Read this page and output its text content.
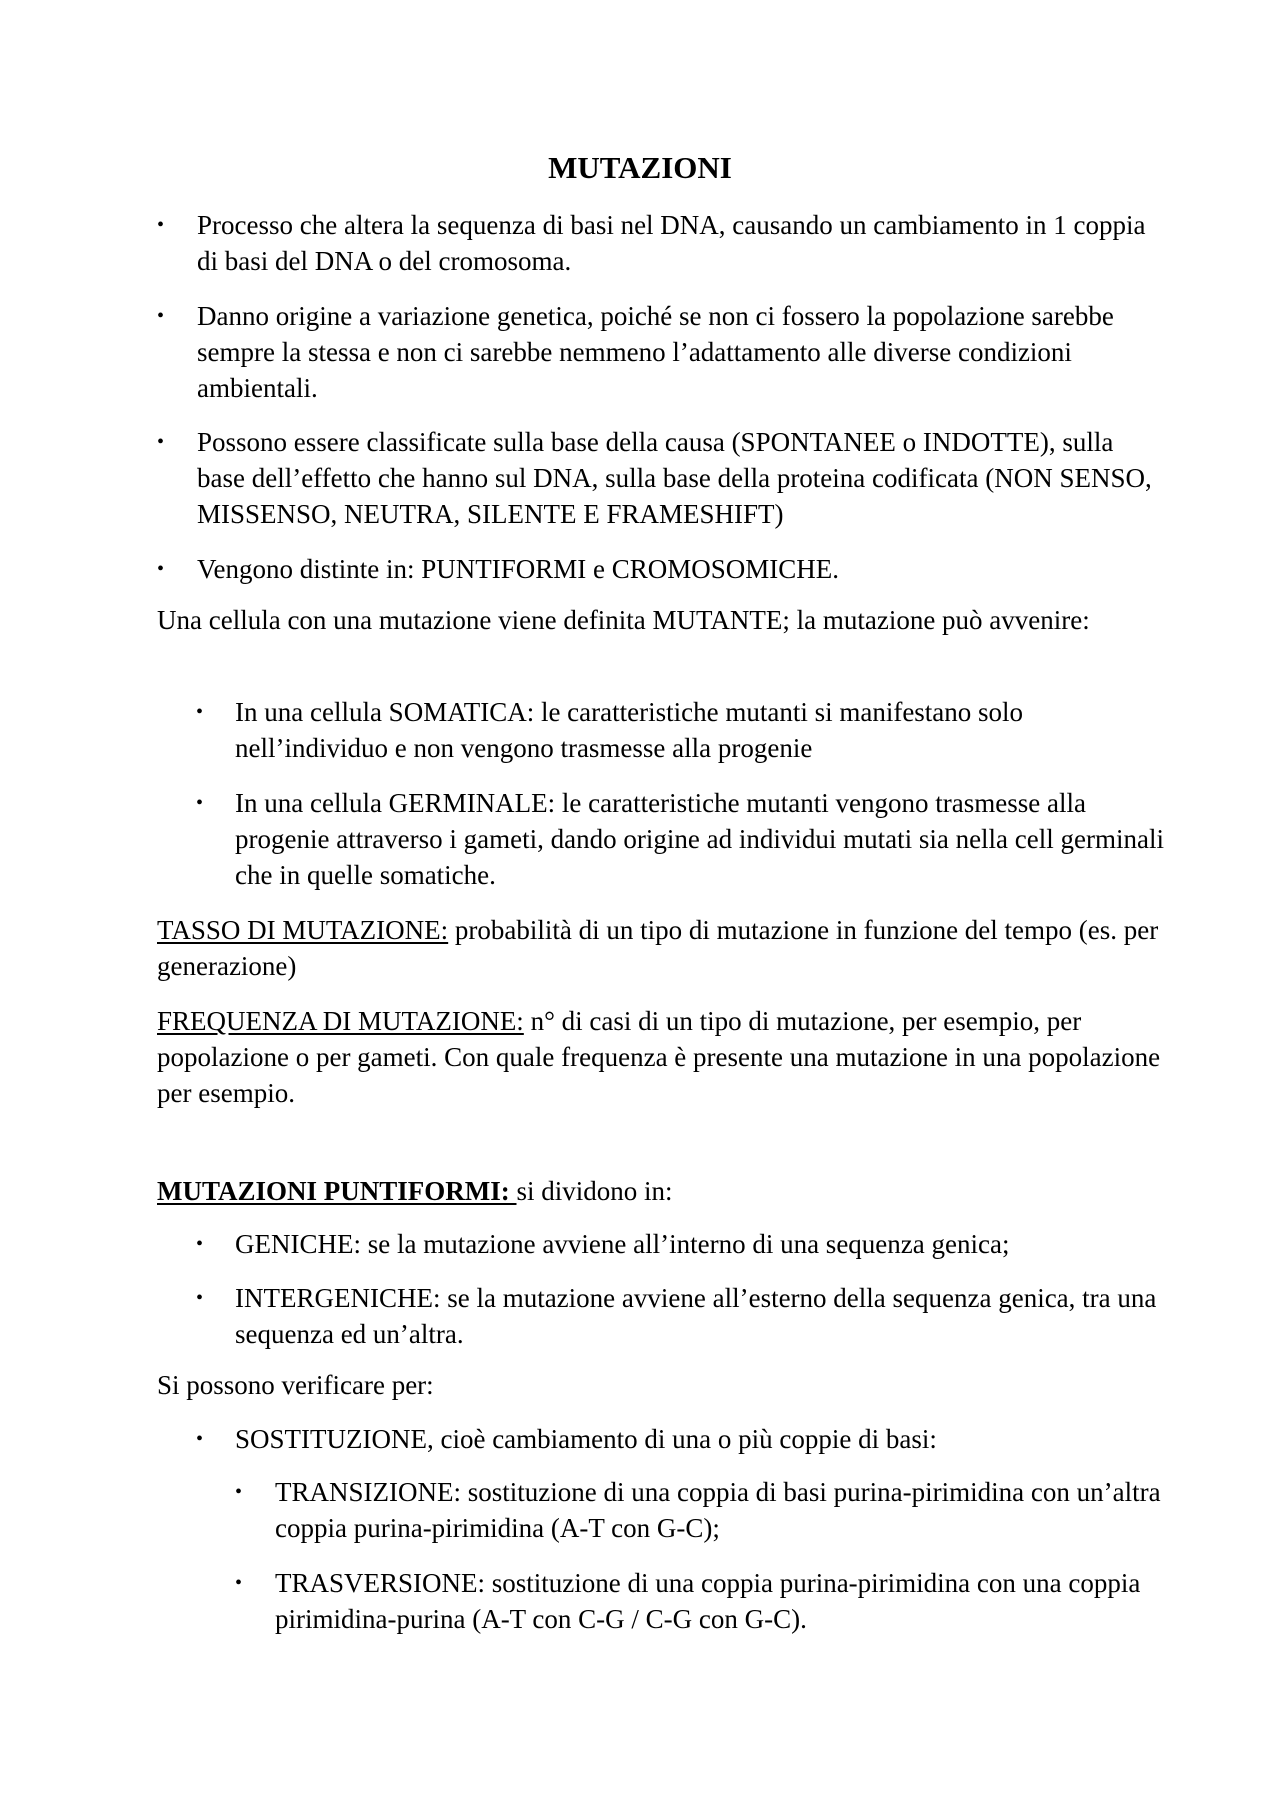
MUTAZIONI
•	Processo che altera la sequenza di basi nel DNA, causando un cambiamento in 1 coppia di basi del DNA o del cromosoma.
•	Danno origine a variazione genetica, poiché se non ci fossero la popolazione sarebbe sempre la stessa e non ci sarebbe nemmeno l’adattamento alle diverse condizioni ambientali.
•	Possono essere classificate sulla base della causa (SPONTANEE o INDOTTE), sulla base dell’effetto che hanno sul DNA, sulla base della proteina codificata (NON SENSO, MISSENSO, NEUTRA, SILENTE E FRAMESHIFT)
•	Vengono distinte in: PUNTIFORMI e CROMOSOMICHE.

Una cellula con una mutazione viene definita MUTANTE; la mutazione può avvenire:

•	In una cellula SOMATICA: le caratteristiche mutanti si manifestano solo nell’individuo e non vengono trasmesse alla progenie
•	In una cellula GERMINALE: le caratteristiche mutanti vengono trasmesse alla progenie attraverso i gameti, dando origine ad individui mutati sia nella cell germinali che in quelle somatiche.

TASSO DI MUTAZIONE: probabilità di un tipo di mutazione in funzione del tempo (es. per generazione)

FREQUENZA DI MUTAZIONE: n° di casi di un tipo di mutazione, per esempio, per popolazione o per gameti. Con quale frequenza è presente una mutazione in una popolazione per esempio.

MUTAZIONI PUNTIFORMI: si dividono in:

•	GENICHE: se la mutazione avviene all’interno di una sequenza genica;
•	INTERGENICHE: se la mutazione avviene all’esterno della sequenza genica, tra una sequenza ed un’altra.

Si possono verificare per:

•	SOSTITUZIONE, cioè cambiamento di una o più coppie di basi:
•	TRANSIZIONE: sostituzione di una coppia di basi purina-pirimidina con un’altra coppia purina-pirimidina (A-T con G-C);
•	TRASVERSIONE: sostituzione di una coppia purina-pirimidina con una coppia pirimidina-purina (A-T con C-G / C-G con G-C).
